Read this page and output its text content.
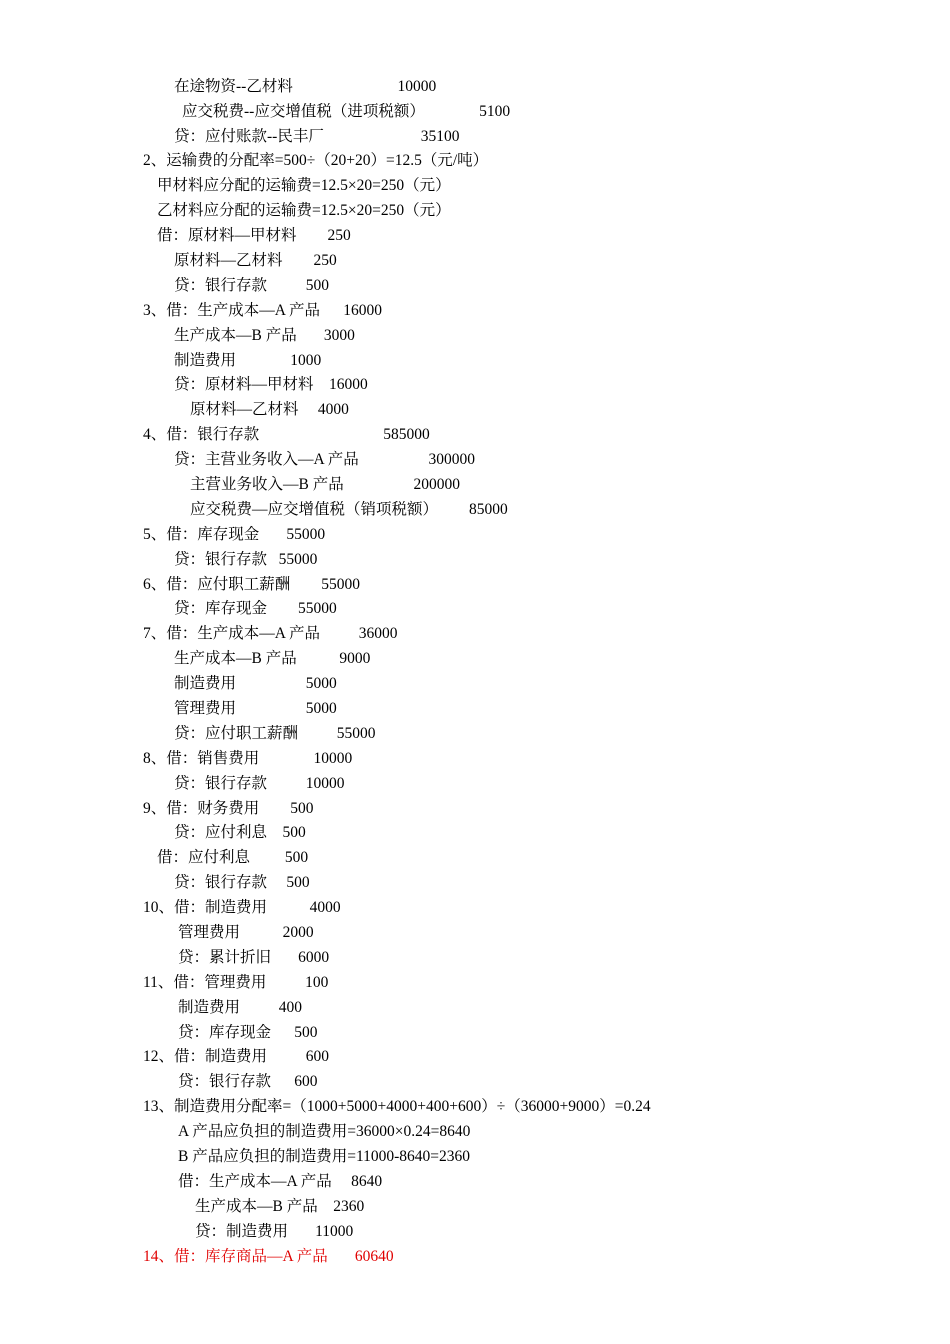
在途物资--乙材料                           10000
应交税费--应交增值税（进项税额）              5100
贷：应付账款--民丰厂                         35100
2、运输费的分配率=500÷（20+20）=12.5（元/吨）
甲材料应分配的运输费=12.5×20=250（元）
乙材料应分配的运输费=12.5×20=250（元）
借：原材料—甲材料        250
原材料—乙材料        250
贷：银行存款          500
3、借：生产成本—A 产品      16000
生产成本—B 产品       3000
制造费用              1000
贷：原材料—甲材料    16000
原材料—乙材料     4000
4、借：银行存款                                585000
贷：主营业务收入—A 产品                  300000
主营业务收入—B 产品                  200000
应交税费—应交增值税（销项税额）        85000
5、借：库存现金       55000
贷：银行存款   55000
6、借：应付职工薪酬        55000
贷：库存现金        55000
7、借：生产成本—A 产品          36000
生产成本—B 产品           9000
制造费用                  5000
管理费用                  5000
贷：应付职工薪酬          55000
8、借：销售费用              10000
贷：银行存款          10000
9、借：财务费用        500
贷：应付利息    500
借：应付利息         500
贷：银行存款     500
10、借：制造费用           4000
管理费用           2000
贷：累计折旧       6000
11、借：管理费用          100
制造费用          400
贷：库存现金      500
12、借：制造费用          600
贷：银行存款      600
13、制造费用分配率=（1000+5000+4000+400+600）÷（36000+9000）=0.24
A 产品应负担的制造费用=36000×0.24=8640
B 产品应负担的制造费用=11000-8640=2360
借：生产成本—A 产品     8640
生产成本—B 产品    2360
贷：制造费用       11000
14、借：库存商品—A 产品       60640
